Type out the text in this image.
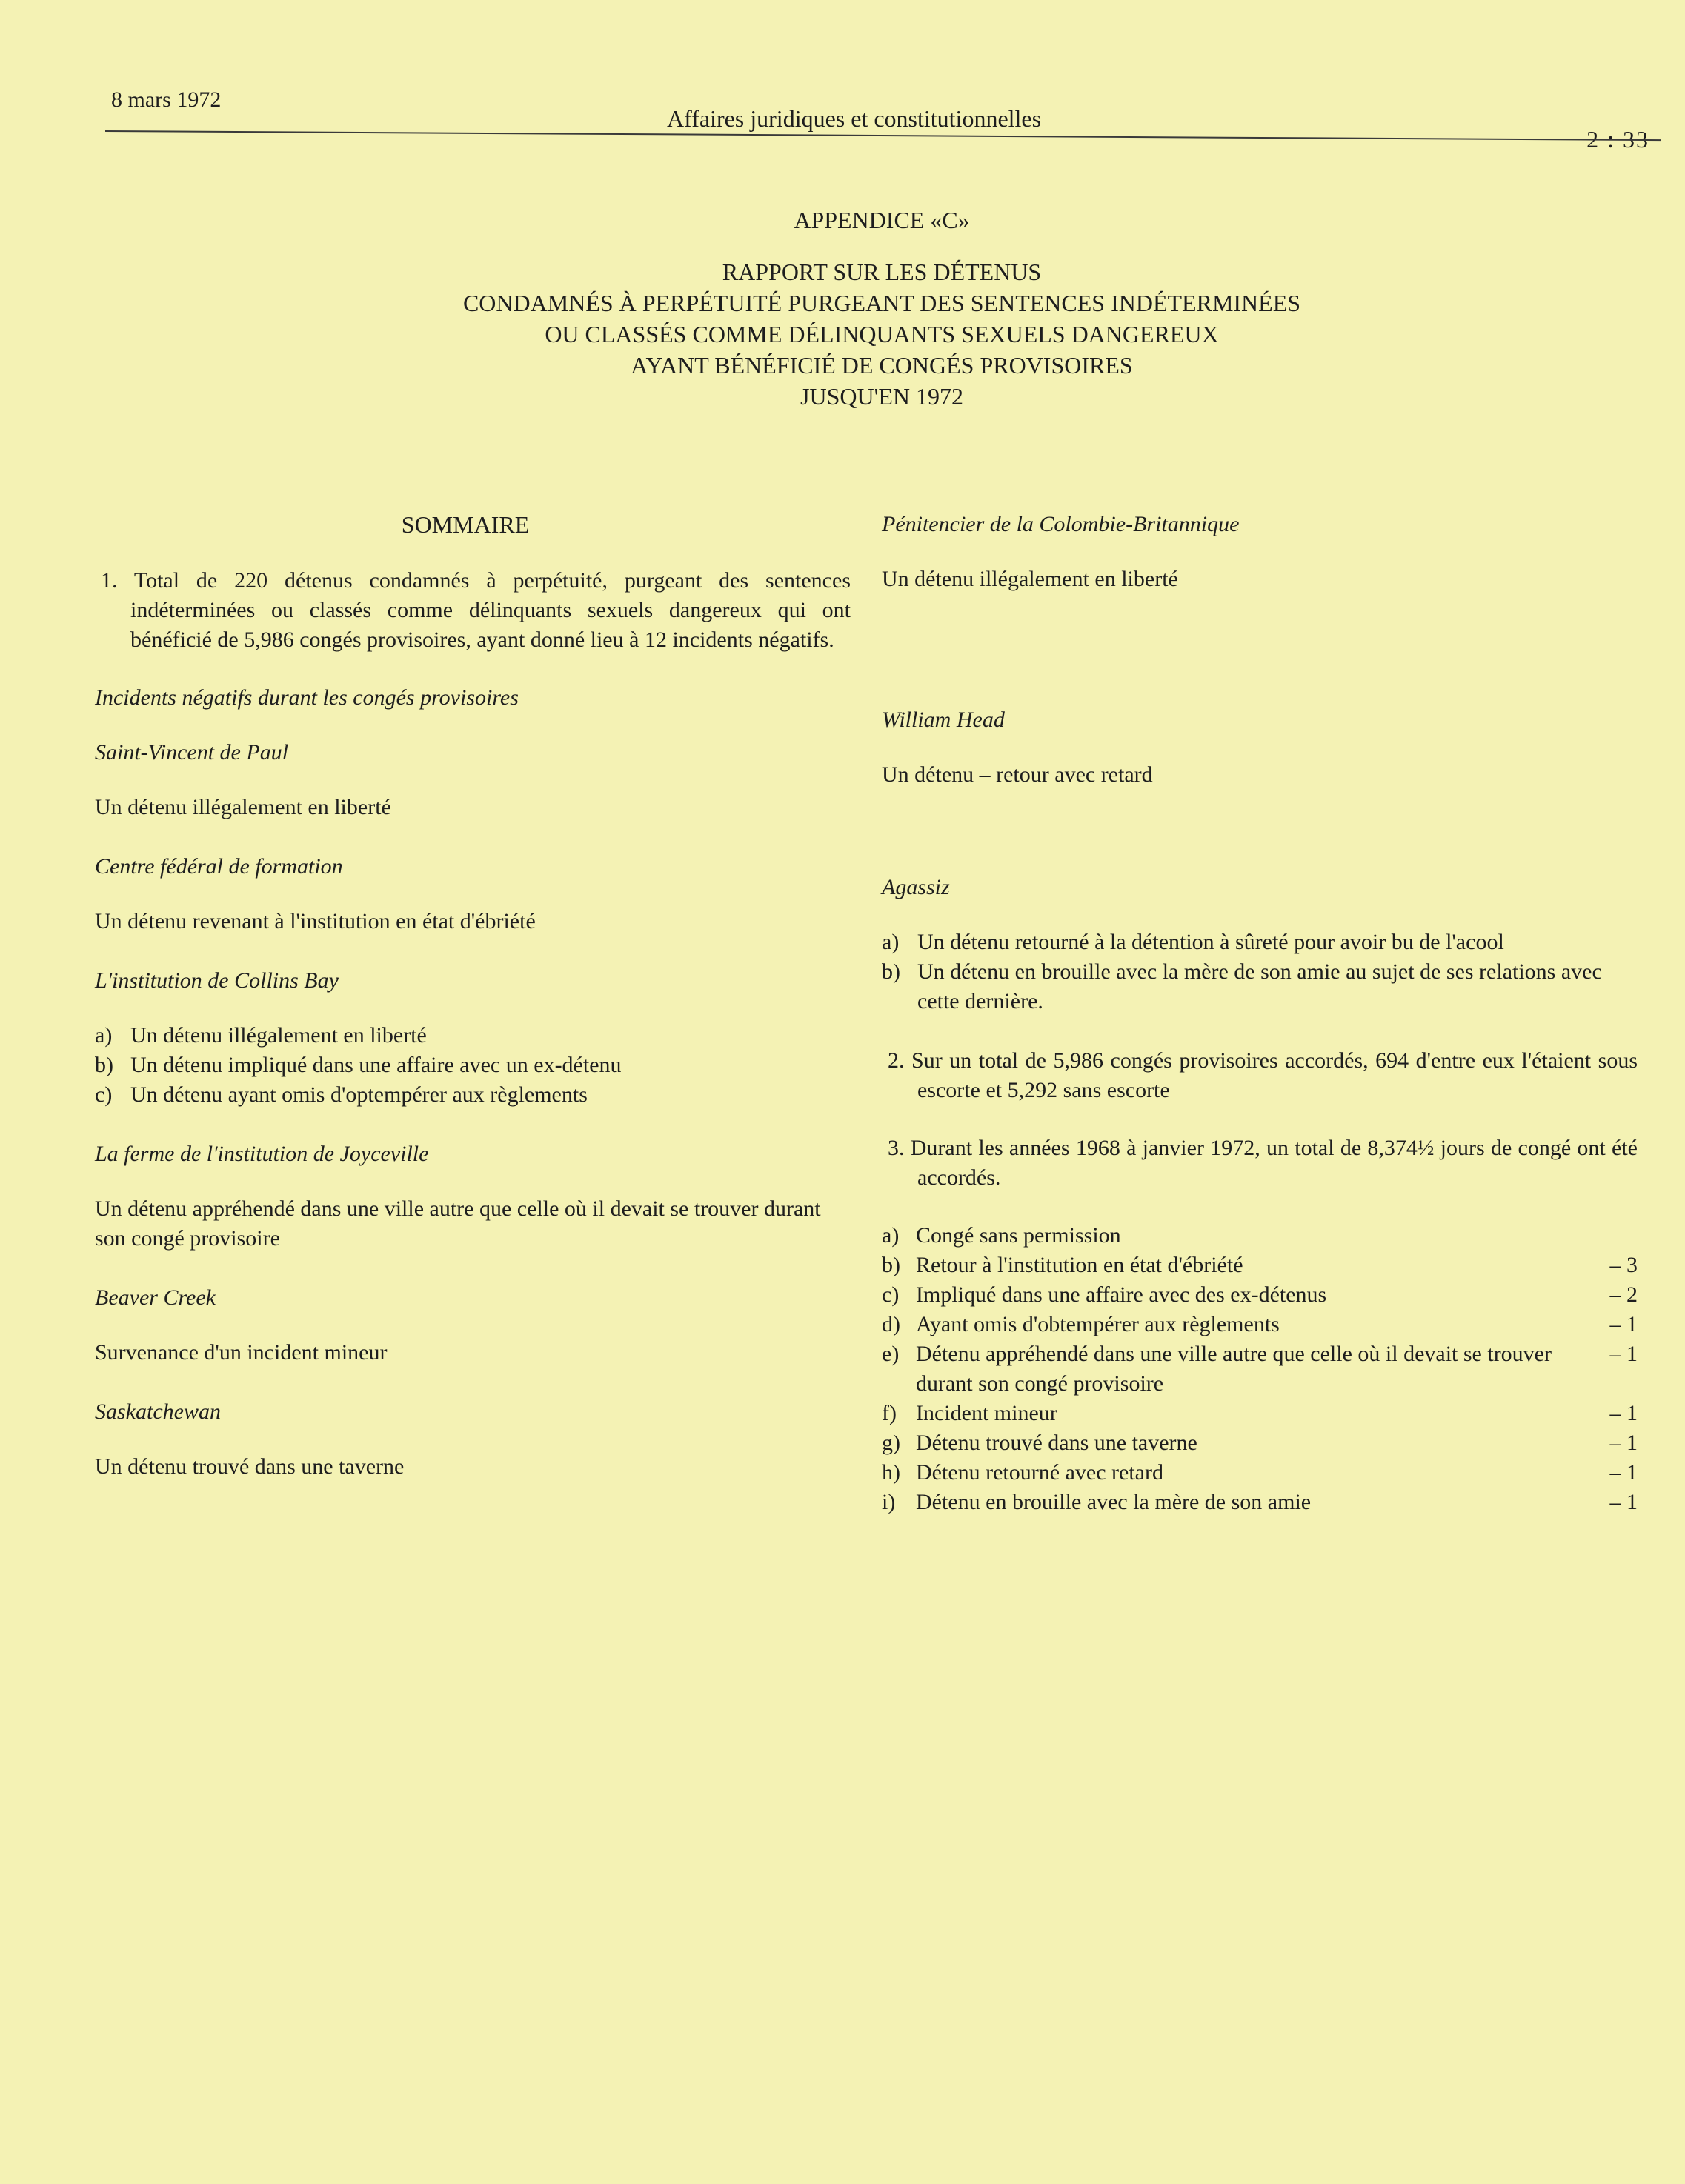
8 mars 1972
Affaires juridiques et constitutionnelles
2 : 33
APPENDICE «C»
RAPPORT SUR LES DÉTENUS
CONDAMNÉS À PERPÉTUITÉ PURGEANT DES SENTENCES INDÉTERMINÉES
OU CLASSÉS COMME DÉLINQUANTS SEXUELS DANGEREUX
AYANT BÉNÉFICIÉ DE CONGÉS PROVISOIRES
JUSQU'EN 1972
SOMMAIRE
1. Total de 220 détenus condamnés à perpétuité, purgeant des sentences indéterminées ou classés comme délinquants sexuels dangereux qui ont bénéficié de 5,986 congés provisoires, ayant donné lieu à 12 incidents négatifs.
Incidents négatifs durant les congés provisoires
Saint-Vincent de Paul
Un détenu illégalement en liberté
Centre fédéral de formation
Un détenu revenant à l'institution en état d'ébriété
L'institution de Collins Bay
a) Un détenu illégalement en liberté
b) Un détenu impliqué dans une affaire avec un ex-détenu
c) Un détenu ayant omis d'optempérer aux règlements
La ferme de l'institution de Joyceville
Un détenu appréhendé dans une ville autre que celle où il devait se trouver durant son congé provisoire
Beaver Creek
Survenance d'un incident mineur
Saskatchewan
Un détenu trouvé dans une taverne
Pénitencier de la Colombie-Britannique
Un détenu illégalement en liberté
William Head
Un détenu – retour avec retard
Agassiz
a) Un détenu retourné à la détention à sûreté pour avoir bu de l'acool
b) Un détenu en brouille avec la mère de son amie au sujet de ses relations avec cette dernière.
2. Sur un total de 5,986 congés provisoires accordés, 694 d'entre eux l'étaient sous escorte et 5,292 sans escorte
3. Durant les années 1968 à janvier 1972, un total de 8,374½ jours de congé ont été accordés.
a) Congé sans permission
b) Retour à l'institution en état d'ébriété	– 3
c) Impliqué dans une affaire avec des ex-détenus	– 2
d) Ayant omis d'obtempérer aux règlements	– 1
e) Détenu appréhendé dans une ville autre que celle où il devait se trouver durant son congé provisoire
– 1
f) Incident mineur	– 1
g) Détenu trouvé dans une taverne	– 1
h) Détenu retourné avec retard	– 1
i) Détenu en brouille avec la mère de son amie	– 1
